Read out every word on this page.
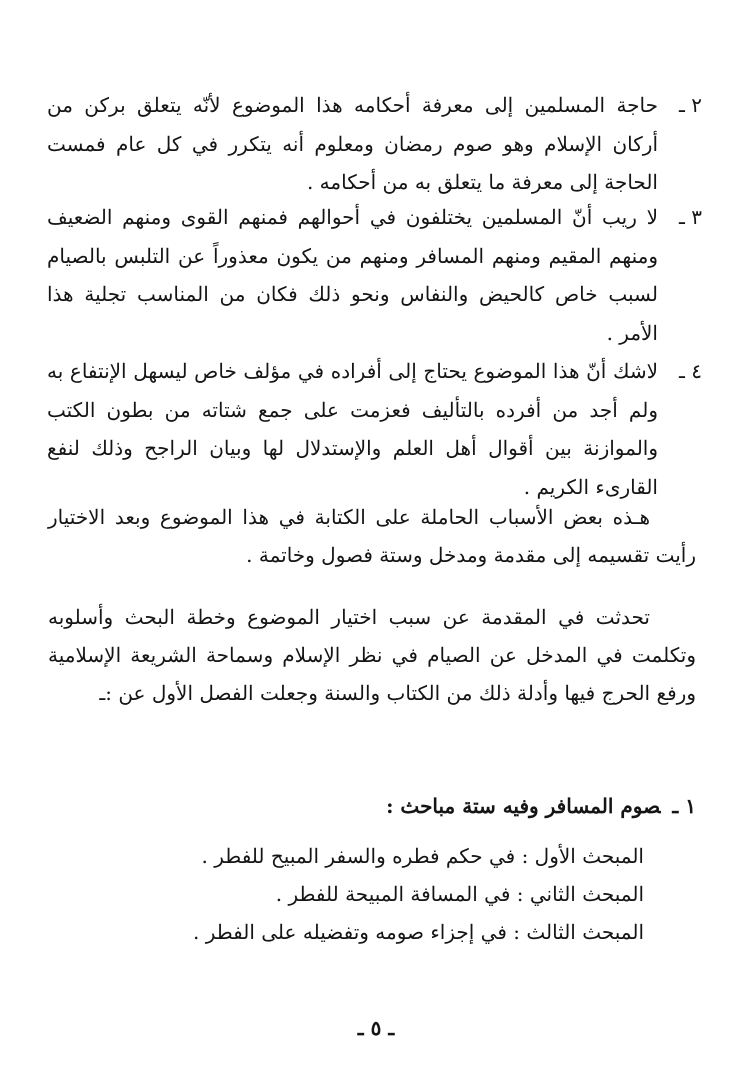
٢ ـ
حاجة المسلمين إلى معرفة أحكامه هذا الموضوع لأنّه يتعلق بركن من أركان الإسلام وهو صوم رمضان ومعلوم أنه يتكرر في كل عام فمست الحاجة إلى معرفة ما يتعلق به من أحكامه .
٣ ـ
لا ريب أنّ المسلمين يختلفون في أحوالهم فمنهم القوى ومنهم الضعيف ومنهم المقيم ومنهم المسافر ومنهم من يكون معذوراً عن التلبس بالصيام لسبب خاص كالحيض والنفاس ونحو ذلك فكان من المناسب تجلية هذا الأمر .
٤ ـ
لاشك أنّ هذا الموضوع يحتاج إلى أفراده في مؤلف خاص ليسهل الإنتفاع به ولم أجد من أفرده بالتأليف فعزمت على جمع شتاته من بطون الكتب والموازنة بين أقوال أهل العلم والإستدلال لها وبيان الراجح وذلك لنفع القارىء الكريم .

هـذه بعض الأسباب الحاملة على الكتابة في هذا الموضوع وبعد الاختيار رأيت تقسيمه إلى مقدمة ومدخل وستة فصول وخاتمة .

تحدثت في المقدمة عن سبب اختيار الموضوع وخطة البحث وأسلوبه وتكلمت في المدخل عن الصيام في نظر الإسلام وسماحة الشريعة الإسلامية ورفع الحرج فيها وأدلة ذلك من الكتاب والسنة وجعلت الفصل الأول عن :ـ

١ ـصوم المسافر وفيه ستة مباحث :
المبحث الأول : في حكم فطره والسفر المبيح للفطر .
المبحث الثاني : في المسافة المبيحة للفطر .
المبحث الثالث : في إجزاء صومه وتفضيله على الفطر .
ـ ٥ ـ
